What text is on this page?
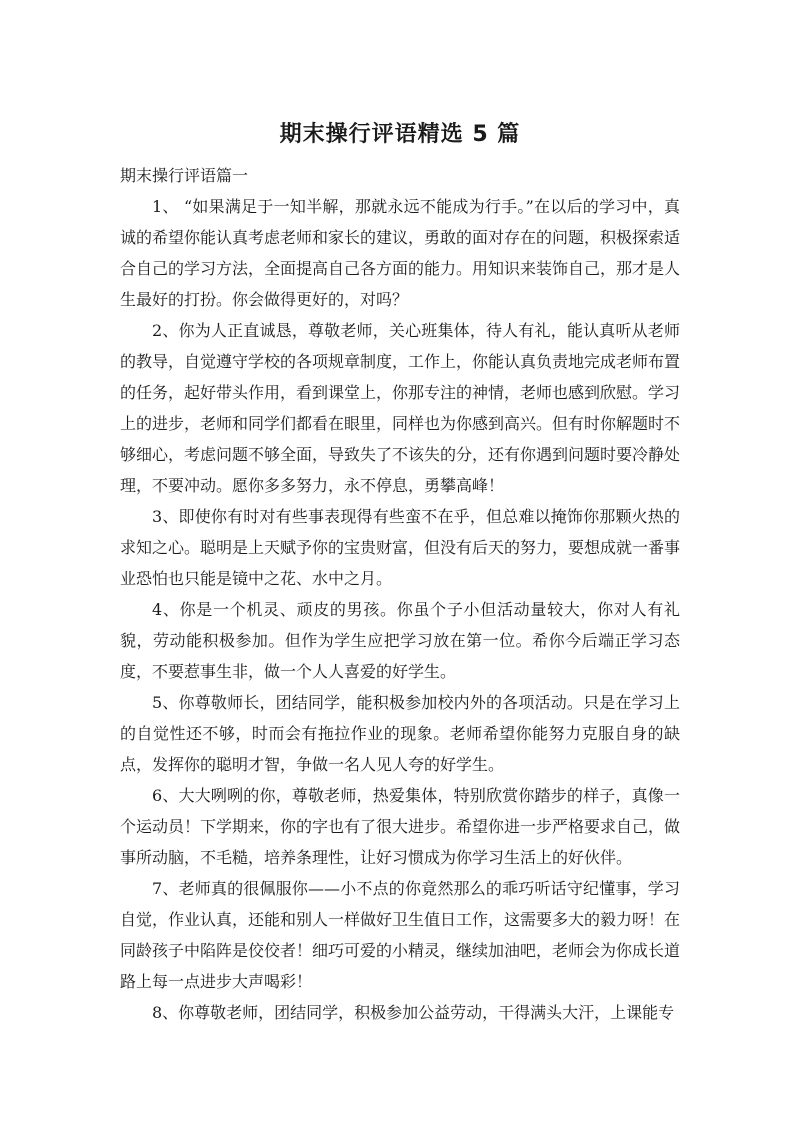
期末操行评语精选 5 篇

期末操行评语篇一

1、 “如果满足于一知半解，那就永远不能成为行手。”在以后的学习中，真诚的希望你能认真考虑老师和家长的建议，勇敢的面对存在的问题，积极探索适合自己的学习方法，全面提高自己各方面的能力。用知识来装饰自己，那才是人生最好的打扮。你会做得更好的，对吗？

2、你为人正直诚恳，尊敬老师，关心班集体，待人有礼，能认真听从老师的教导，自觉遵守学校的各项规章制度，工作上，你能认真负责地完成老师布置的任务，起好带头作用，看到课堂上，你那专注的神情，老师也感到欣慰。学习上的进步，老师和同学们都看在眼里，同样也为你感到高兴。但有时你解题时不够细心，考虑问题不够全面，导致失了不该失的分，还有你遇到问题时要冷静处理，不要冲动。愿你多多努力，永不停息，勇攀高峰！

3、即使你有时对有些事表现得有些蛮不在乎，但总难以掩饰你那颗火热的求知之心。聪明是上天赋予你的宝贵财富，但没有后天的努力，要想成就一番事业恐怕也只能是镜中之花、水中之月。

4、你是一个机灵、顽皮的男孩。你虽个子小但活动量较大，你对人有礼貌，劳动能积极参加。但作为学生应把学习放在第一位。希你今后端正学习态度，不要惹事生非，做一个人人喜爱的好学生。

5、你尊敬师长，团结同学，能积极参加校内外的各项活动。只是在学习上的自觉性还不够，时而会有拖拉作业的现象。老师希望你能努力克服自身的缺点，发挥你的聪明才智，争做一名人见人夸的好学生。

6、大大咧咧的你，尊敬老师，热爱集体，特别欣赏你踏步的样子，真像一个运动员！下学期来，你的字也有了很大进步。希望你进一步严格要求自己，做事所动脑，不毛糙，培养条理性，让好习惯成为你学习生活上的好伙伴。

7、老师真的很佩服你——小不点的你竟然那么的乖巧听话守纪懂事，学习自觉，作业认真，还能和别人一样做好卫生值日工作，这需要多大的毅力呀！在同龄孩子中陷阵是佼佼者！细巧可爱的小精灵，继续加油吧，老师会为你成长道路上每一点进步大声喝彩！

8、你尊敬老师，团结同学，积极参加公益劳动，干得满头大汗，上课能专
